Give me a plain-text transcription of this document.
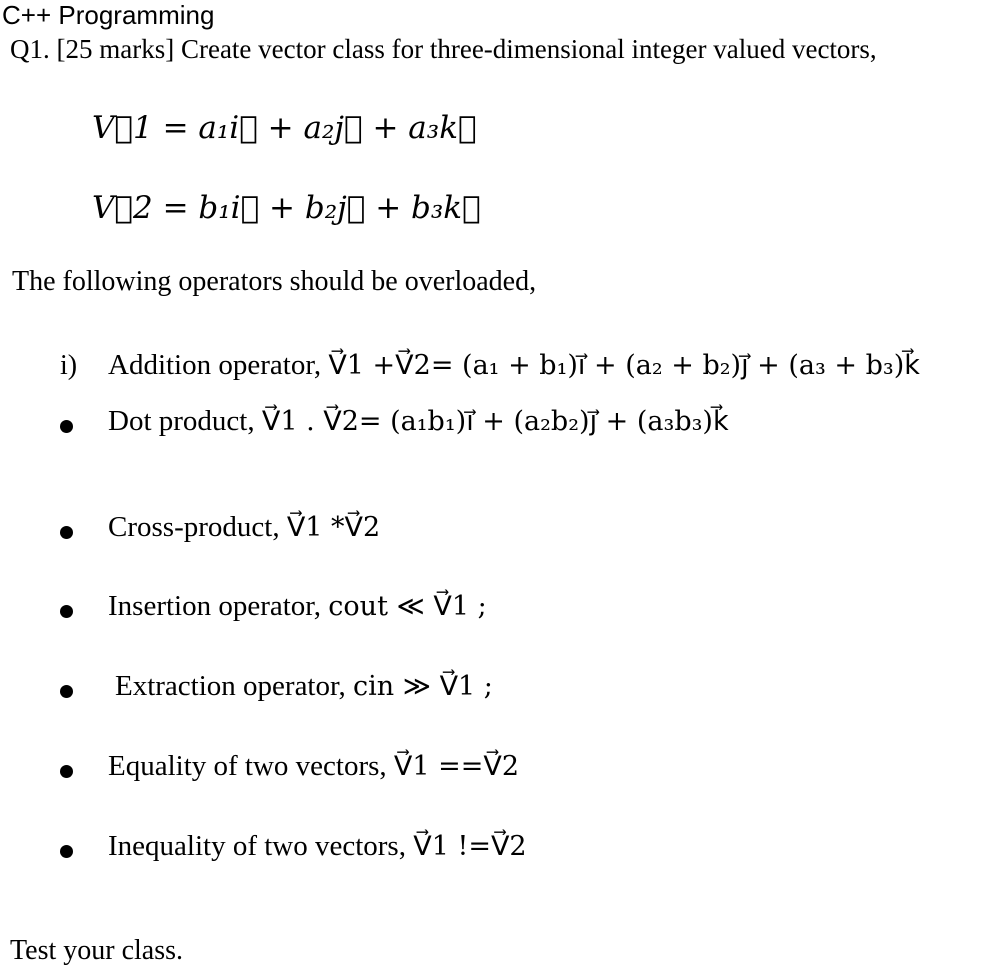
C++ Programming
Q1. [25 marks] Create vector class for three-dimensional integer valued vectors,
V⃗1 = a₁i⃗ + a₂j⃗ + a₃k⃗
V⃗2 = b₁i⃗ + b₂j⃗ + b₃k⃗
The following operators should be overloaded,
i) Addition operator, V⃗1 +V⃗2= (a₁ + b₁)i⃗ + (a₂ + b₂)j⃗ + (a₃ + b₃)k⃗
Dot product, V⃗1 . V⃗2= (a₁b₁)i⃗ + (a₂b₂)j⃗ + (a₃b₃)k⃗
Cross-product, V⃗1 *V⃗2
Insertion operator, cout ≪ V⃗1 ;
Extraction operator, cin ≫ V⃗1 ;
Equality of two vectors, V⃗1 ==V⃗2
Inequality of two vectors, V⃗1 !=V⃗2
Test your class.
